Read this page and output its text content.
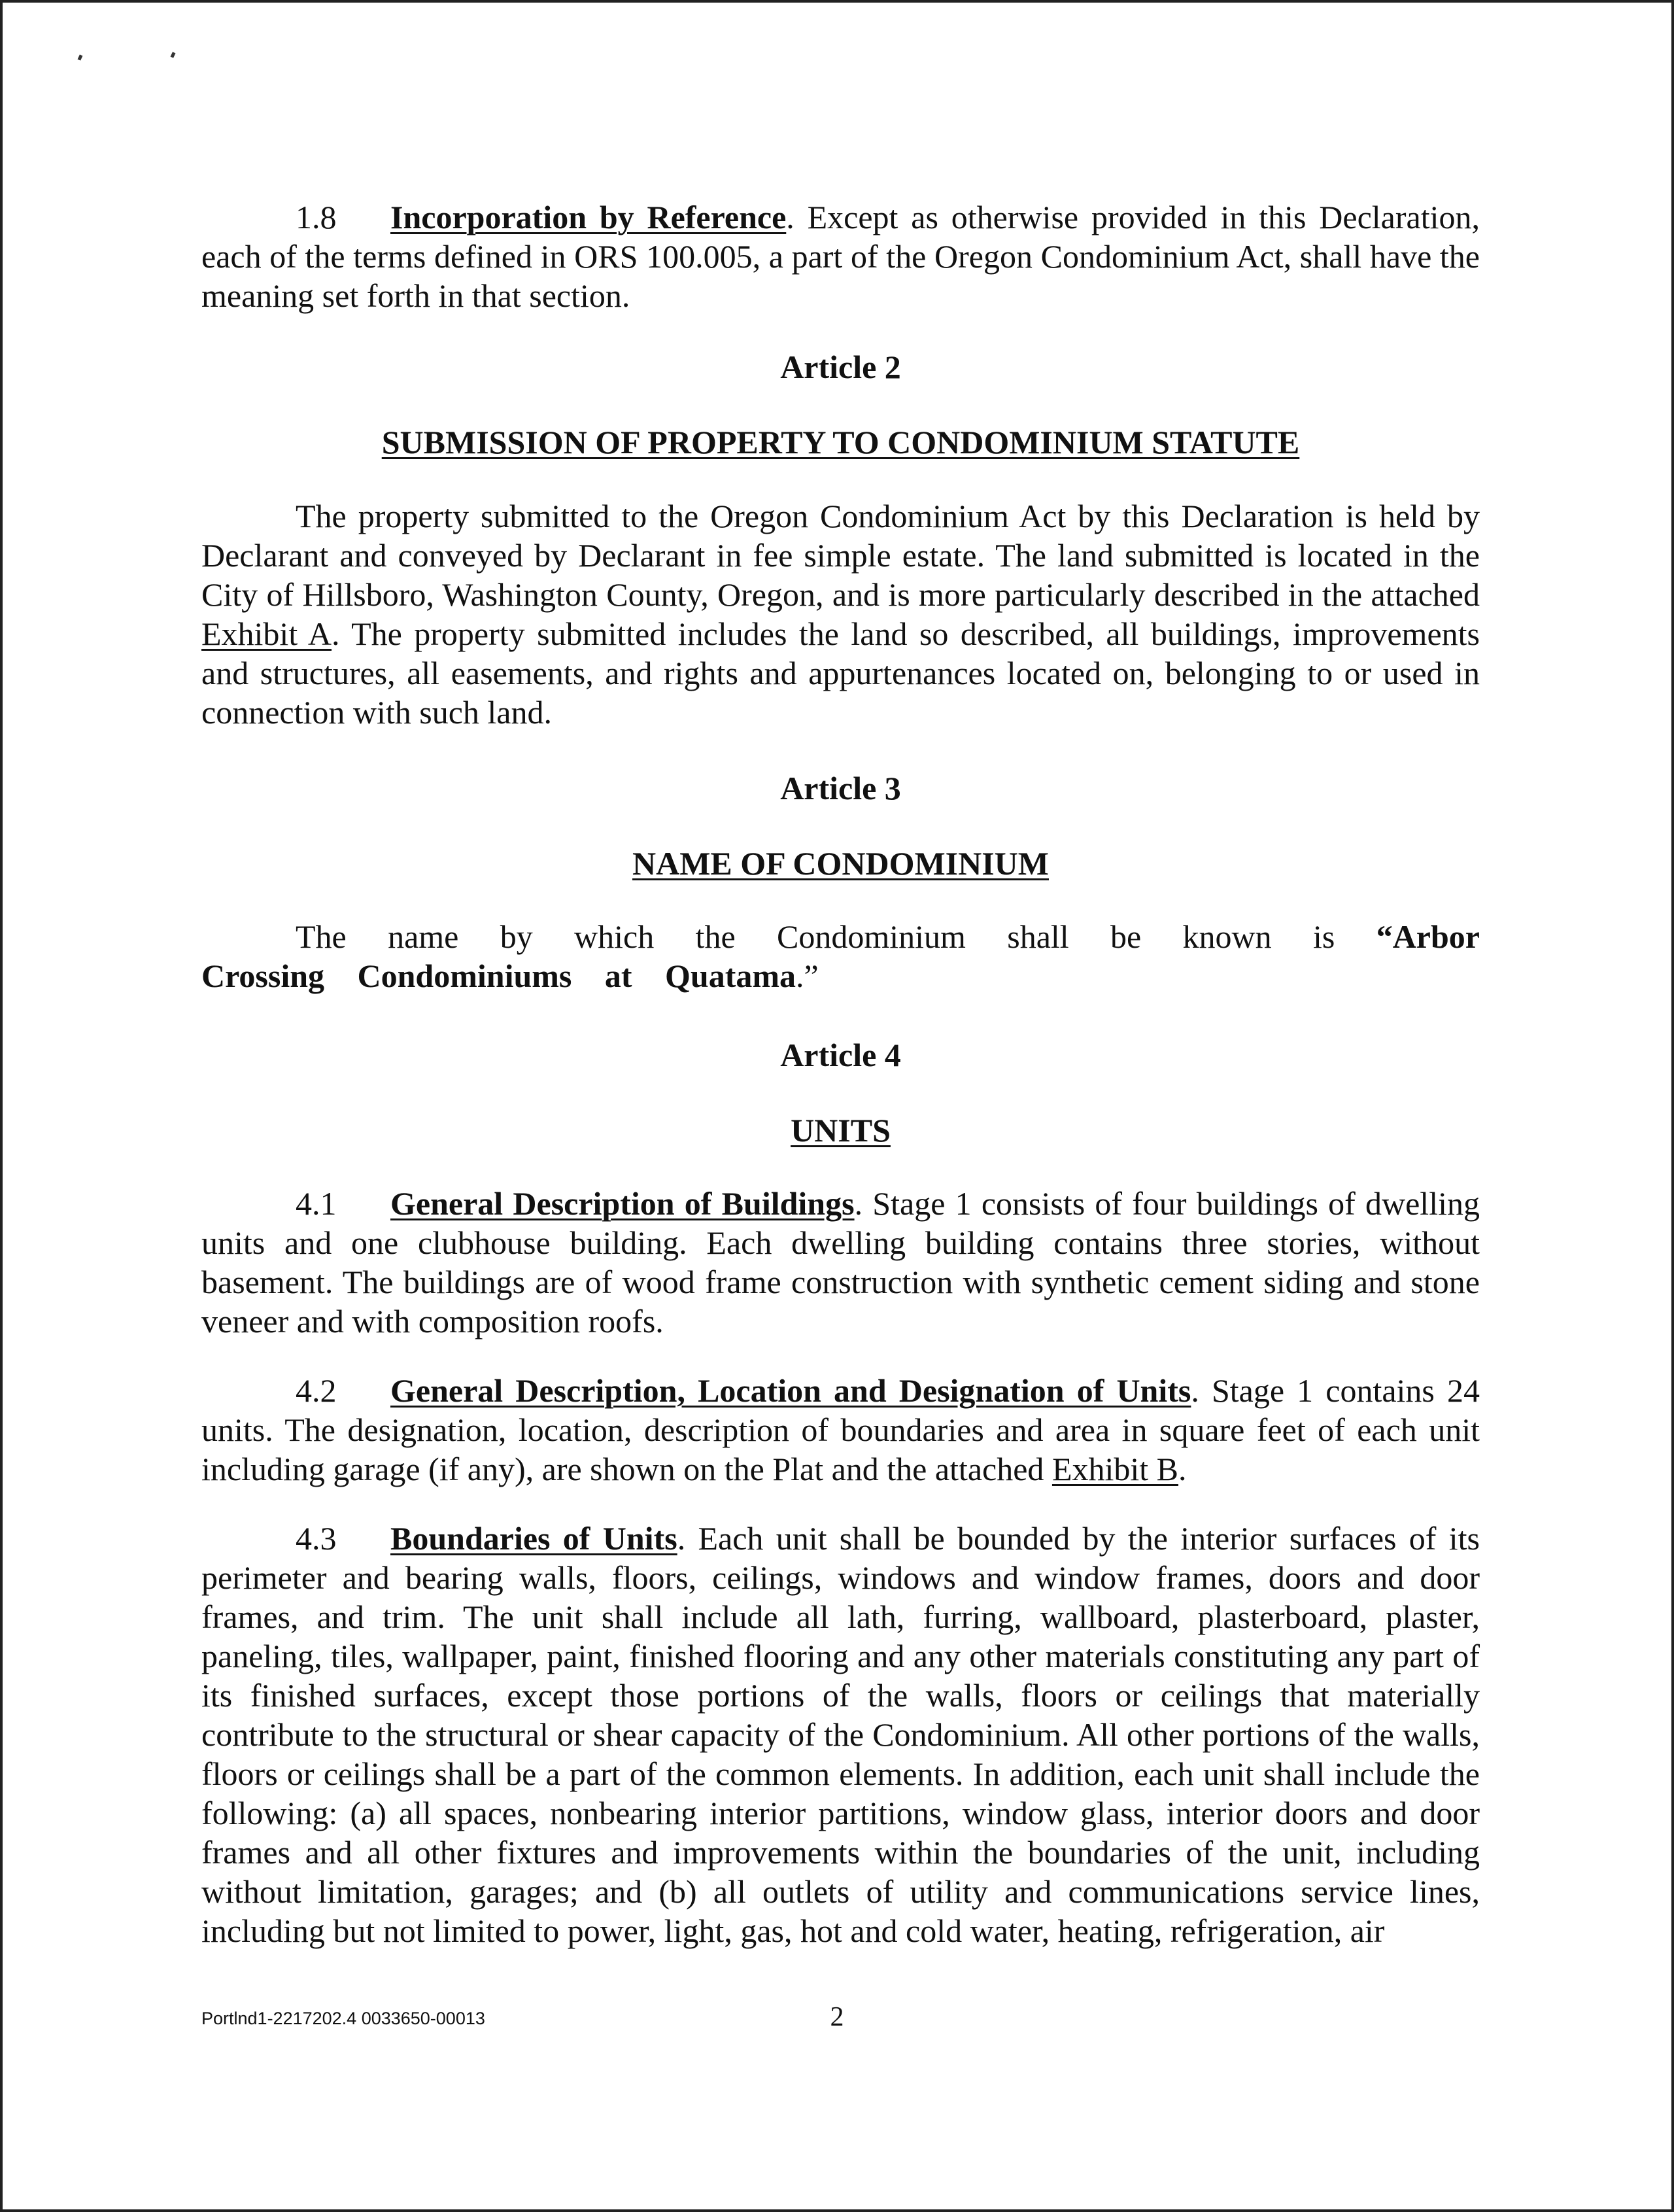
1.8 Incorporation by Reference. Except as otherwise provided in this Declaration, each of the terms defined in ORS 100.005, a part of the Oregon Condominium Act, shall have the meaning set forth in that section.
Article 2
SUBMISSION OF PROPERTY TO CONDOMINIUM STATUTE
The property submitted to the Oregon Condominium Act by this Declaration is held by Declarant and conveyed by Declarant in fee simple estate. The land submitted is located in the City of Hillsboro, Washington County, Oregon, and is more particularly described in the attached Exhibit A. The property submitted includes the land so described, all buildings, improvements and structures, all easements, and rights and appurtenances located on, belonging to or used in connection with such land.
Article 3
NAME OF CONDOMINIUM
The name by which the Condominium shall be known is “Arbor Crossing Condominiums at Quatama.”
Article 4
UNITS
4.1 General Description of Buildings. Stage 1 consists of four buildings of dwelling units and one clubhouse building. Each dwelling building contains three stories, without basement. The buildings are of wood frame construction with synthetic cement siding and stone veneer and with composition roofs.
4.2 General Description, Location and Designation of Units. Stage 1 contains 24 units. The designation, location, description of boundaries and area in square feet of each unit including garage (if any), are shown on the Plat and the attached Exhibit B.
4.3 Boundaries of Units. Each unit shall be bounded by the interior surfaces of its perimeter and bearing walls, floors, ceilings, windows and window frames, doors and door frames, and trim. The unit shall include all lath, furring, wallboard, plasterboard, plaster, paneling, tiles, wallpaper, paint, finished flooring and any other materials constituting any part of its finished surfaces, except those portions of the walls, floors or ceilings that materially contribute to the structural or shear capacity of the Condominium. All other portions of the walls, floors or ceilings shall be a part of the common elements. In addition, each unit shall include the following: (a) all spaces, nonbearing interior partitions, window glass, interior doors and door frames and all other fixtures and improvements within the boundaries of the unit, including without limitation, garages; and (b) all outlets of utility and communications service lines, including but not limited to power, light, gas, hot and cold water, heating, refrigeration, air
Portlnd1-2217202.4 0033650-00013	2
